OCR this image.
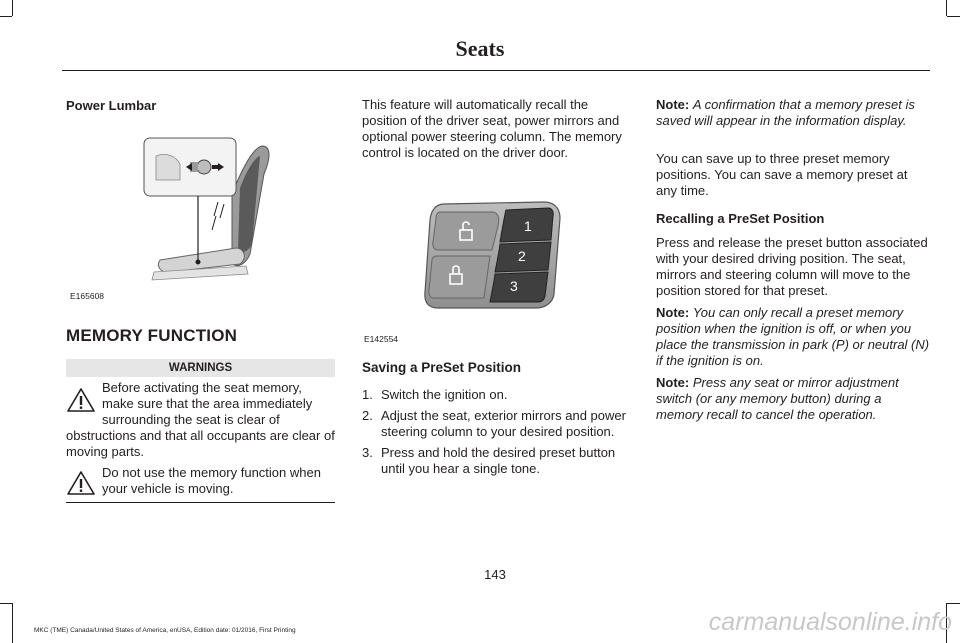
Seats
Power Lumbar
E165608
MEMORY FUNCTION
WARNINGS
Before activating the seat memory, make sure that the area immediately surrounding the seat is clear of obstructions and that all occupants are clear of moving parts.
Do not use the memory function when your vehicle is moving.
This feature will automatically recall the position of the driver seat, power mirrors and optional power steering column. The memory control is located on the driver door.
1
2
3
E142554
Saving a PreSet Position
1. Switch the ignition on.
2. Adjust the seat, exterior mirrors and power steering column to your desired position.
3. Press and hold the desired preset button until you hear a single tone.
Note: A confirmation that a memory preset is saved will appear in the information display.
You can save up to three preset memory positions. You can save a memory preset at any time.
Recalling a PreSet Position
Press and release the preset button associated with your desired driving position. The seat, mirrors and steering column will move to the position stored for that preset.
Note: You can only recall a preset memory position when the ignition is off, or when you place the transmission in park (P) or neutral (N) if the ignition is on.
Note: Press any seat or mirror adjustment switch (or any memory button) during a memory recall to cancel the operation.
143
MKC (TME) Canada/United States of America, enUSA, Edition date: 01/2016, First Printing	carmanualsonline.info
